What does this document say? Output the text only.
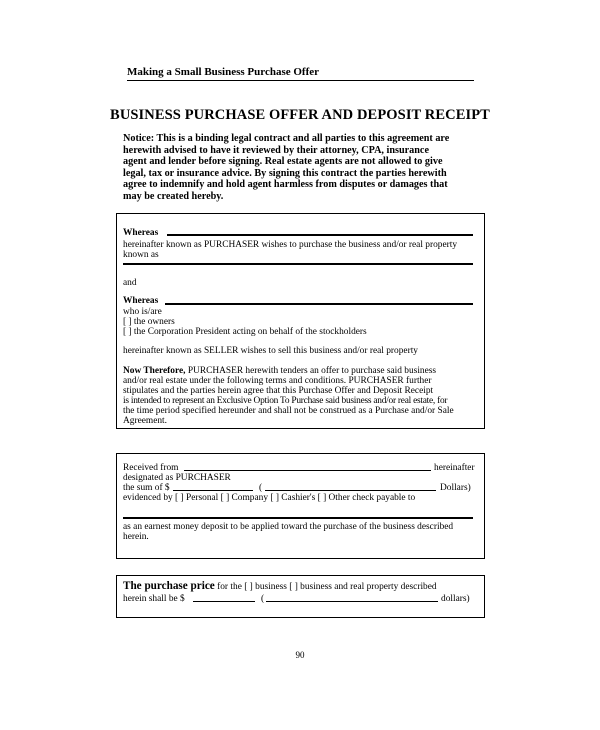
Making a Small Business Purchase Offer
BUSINESS PURCHASE OFFER AND DEPOSIT RECEIPT
Notice: This is a binding legal contract and all parties to this agreement are
herewith advised to have it reviewed by their attorney, CPA, insurance
agent and lender before signing. Real estate agents are not allowed to give
legal, tax or insurance advice. By signing this contract the parties herewith
agree to indemnify and hold agent harmless from disputes or damages that
may be created hereby.
Whereas
hereinafter known as PURCHASER wishes to purchase the business and/or real property
known as
and
Whereas
who is/are
[ ] the owners
[ ] the Corporation President acting on behalf of the stockholders
hereinafter known as SELLER wishes to sell this business and/or real property
Now Therefore, PURCHASER herewith tenders an offer to purchase said business
and/or real estate under the following terms and conditions. PURCHASER further
stipulates and the parties herein agree that this Purchase Offer and Deposit Receipt
is intended to represent an Exclusive Option To Purchase said business and/or real estate, for
the time period specified hereunder and shall not be construed as a Purchase and/or Sale
Agreement.
Received from	hereinafter
designated as PURCHASER
the sum of $	(	Dollars)
evidenced by [ ] Personal [ ] Company [ ] Cashier's [ ] Other check payable to
as an earnest money deposit to be applied toward the purchase of the business described
herein.
The purchase price for the [ ] business [ ] business and real property described
herein shall be $	(	dollars)
90
